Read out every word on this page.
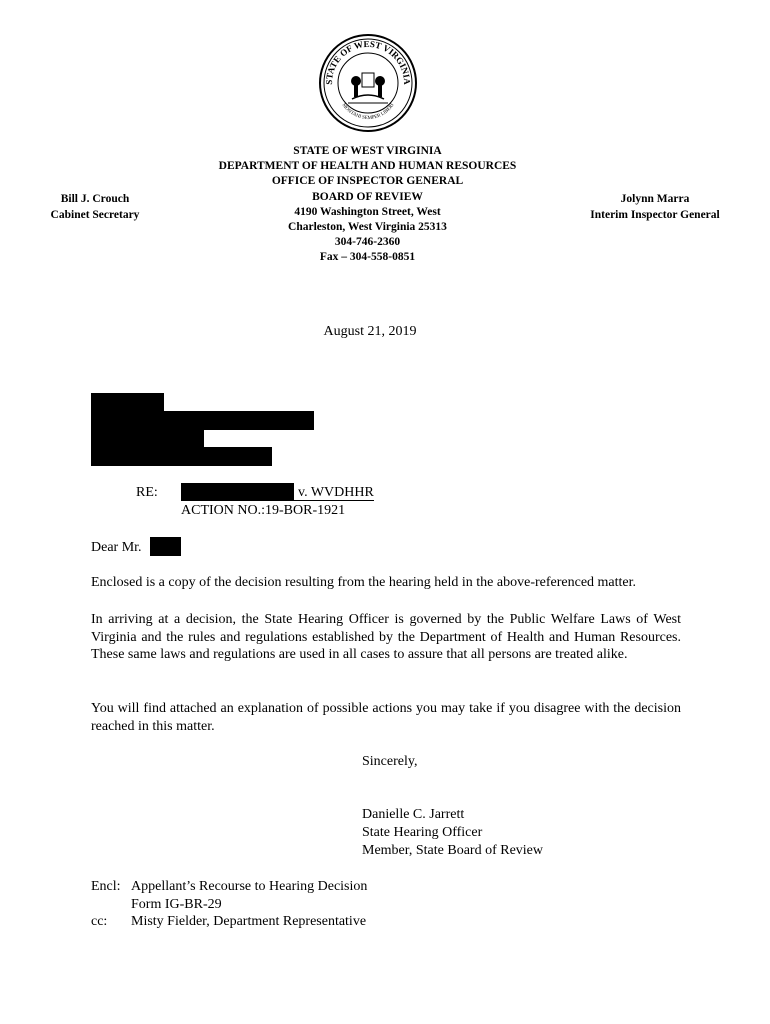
STATE OF WEST VIRGINIA
MONTANI SEMPER LIBERI
STATE OF WEST VIRGINIA
DEPARTMENT OF HEALTH AND HUMAN RESOURCES
OFFICE OF INSPECTOR GENERAL
BOARD OF REVIEW
4190 Washington Street, West
Charleston, West Virginia 25313
304-746-2360
Fax – 304-558-0851
Bill J. Crouch
Cabinet Secretary
Jolynn Marra
Interim Inspector General
August 21, 2019
RE:	v. WVDHHR
ACTION NO.:19-BOR-1921
Dear Mr.
Enclosed is a copy of the decision resulting from the hearing held in the above-referenced matter.
In arriving at a decision, the State Hearing Officer is governed by the Public Welfare Laws of West Virginia and the rules and regulations established by the Department of Health and Human Resources. These same laws and regulations are used in all cases to assure that all persons are treated alike.
You will find attached an explanation of possible actions you may take if you disagree with the decision reached in this matter.
Sincerely,
Danielle C. Jarrett
State Hearing Officer
Member, State Board of Review
Encl: Appellant’s Recourse to Hearing Decision
Form IG-BR-29
cc:	Misty Fielder, Department Representative
